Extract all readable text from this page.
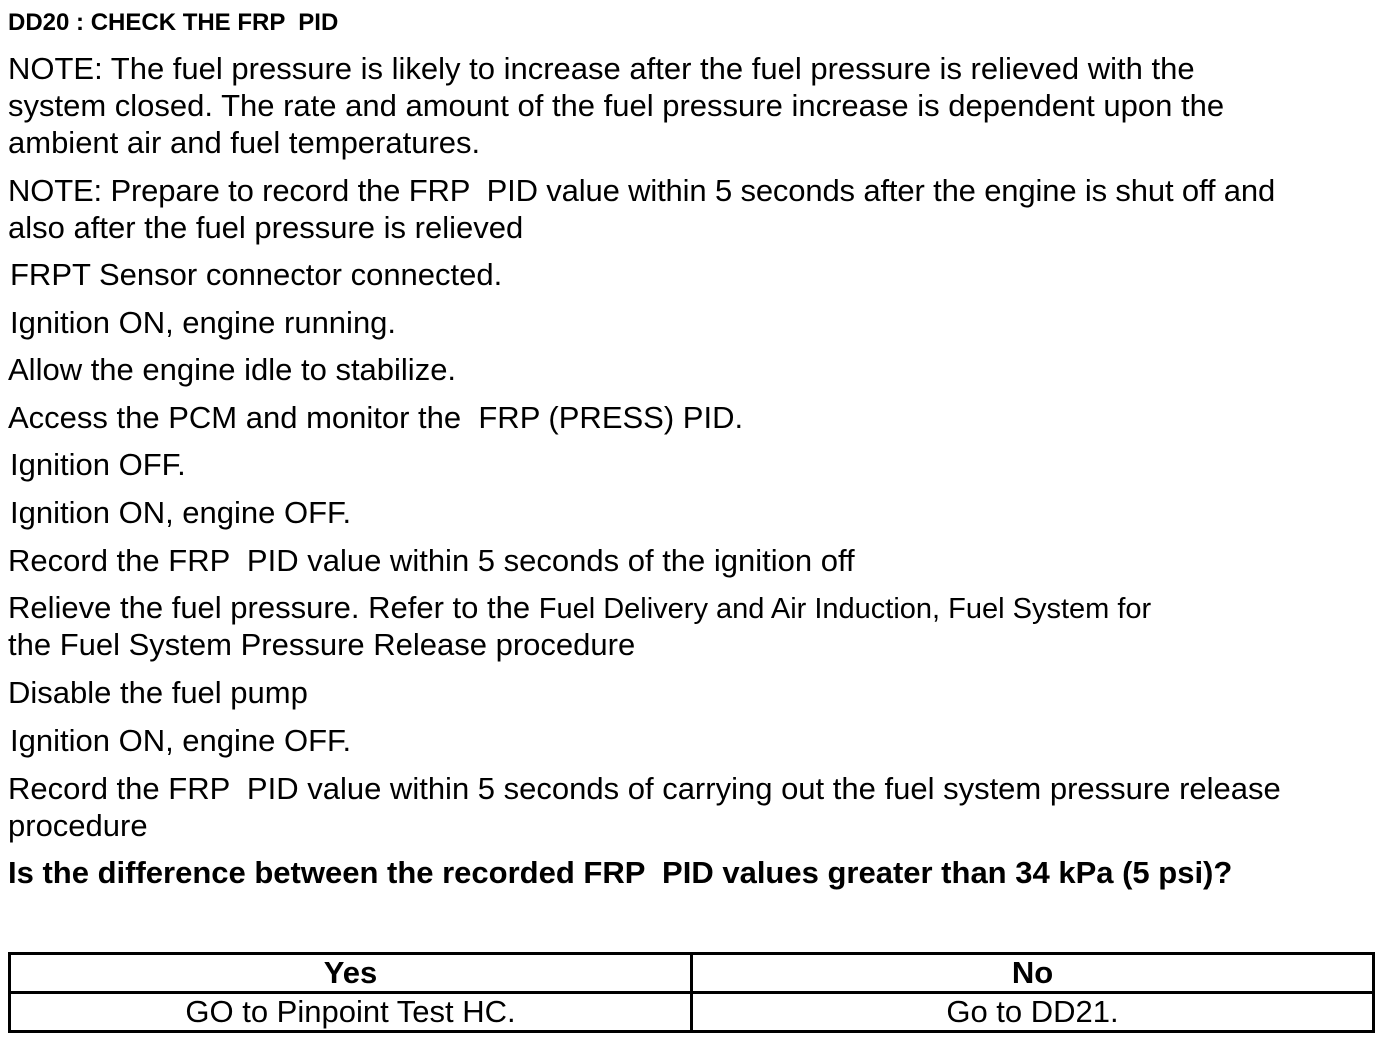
DD20 : CHECK THE FRP  PID
NOTE: The fuel pressure is likely to increase after the fuel pressure is relieved with the
system closed. The rate and amount of the fuel pressure increase is dependent upon the
ambient air and fuel temperatures.
NOTE: Prepare to record the FRP  PID value within 5 seconds after the engine is shut off and
also after the fuel pressure is relieved
FRPT Sensor connector connected.
Ignition ON, engine running.
Allow the engine idle to stabilize.
Access the PCM and monitor the  FRP (PRESS) PID.
Ignition OFF.
Ignition ON, engine OFF.
Record the FRP  PID value within 5 seconds of the ignition off
Relieve the fuel pressure. Refer to the Fuel Delivery and Air Induction, Fuel System for
the Fuel System Pressure Release procedure
Disable the fuel pump
Ignition ON, engine OFF.
Record the FRP  PID value within 5 seconds of carrying out the fuel system pressure release
procedure
Is the difference between the recorded FRP  PID values greater than 34 kPa (5 psi)?
Yes	No
GO to Pinpoint Test HC.	Go to DD21.
